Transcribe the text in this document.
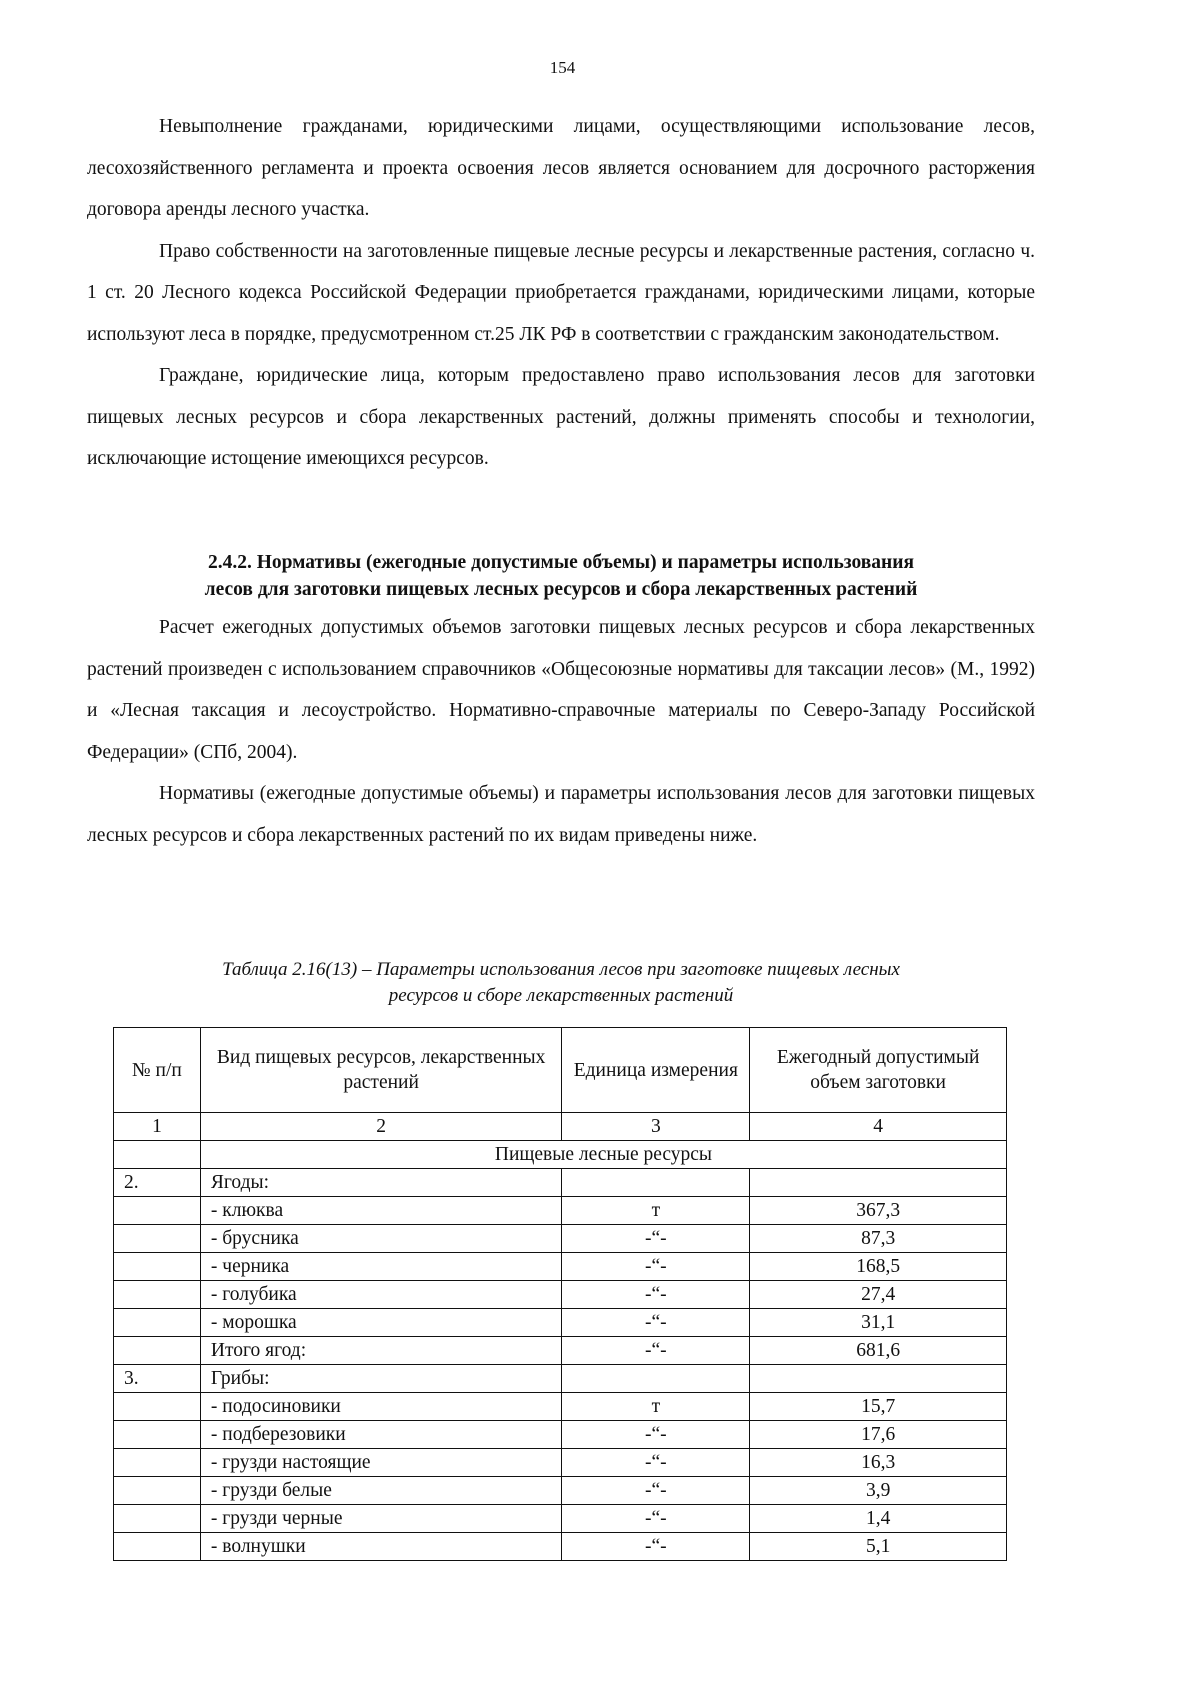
154

Невыполнение гражданами, юридическими лицами, осуществляющими использование лесов, лесохозяйственного регламента и проекта освоения лесов является основанием для досрочного расторжения договора аренды лесного участка.

Право собственности на заготовленные пищевые лесные ресурсы и лекарственные растения, согласно ч. 1 ст. 20 Лесного кодекса Российской Федерации приобретается гражданами, юридическими лицами, которые используют леса в порядке, предусмотренном ст.25 ЛК РФ в соответствии с гражданским законодательством.

Граждане, юридические лица, которым предоставлено право использования лесов для заготовки пищевых лесных ресурсов и сбора лекарственных растений, должны применять способы и технологии, исключающие истощение имеющихся ресурсов.

2.4.2. Нормативы (ежегодные допустимые объемы) и параметры использования
лесов для заготовки пищевых лесных ресурсов и сбора лекарственных растений

Расчет ежегодных допустимых объемов заготовки пищевых лесных ресурсов и сбора лекарственных растений произведен с использованием справочников «Общесоюзные нормативы для таксации лесов» (М., 1992) и «Лесная таксация и лесоустройство. Нормативно-справочные материалы по Северо-Западу Российской Федерации» (СПб, 2004).

Нормативы (ежегодные допустимые объемы) и параметры использования лесов для заготовки пищевых лесных ресурсов и сбора лекарственных растений по их видам приведены ниже.

Таблица 2.16(13) – Параметры использования лесов при заготовке пищевых лесных
ресурсов и сборе лекарственных растений
№ п/п	Вид пищевых ресурсов, лекарственных растений	Единица измерения	Ежегодный допустимый объем заготовки
1	2	3	4
	Пищевые лесные ресурсы		
2.	Ягоды:		
	- клюква	т	367,3
	- брусника	-“-	87,3
	- черника	-“-	168,5
	- голубика	-“-	27,4
	- морошка	-“-	31,1
	Итого ягод:	-“-	681,6
3.	Грибы:		
	- подосиновики	т	15,7
	- подберезовики	-“-	17,6
	- грузди настоящие	-“-	16,3
	- грузди белые	-“-	3,9
	- грузди черные	-“-	1,4
	- волнушки	-“-	5,1
